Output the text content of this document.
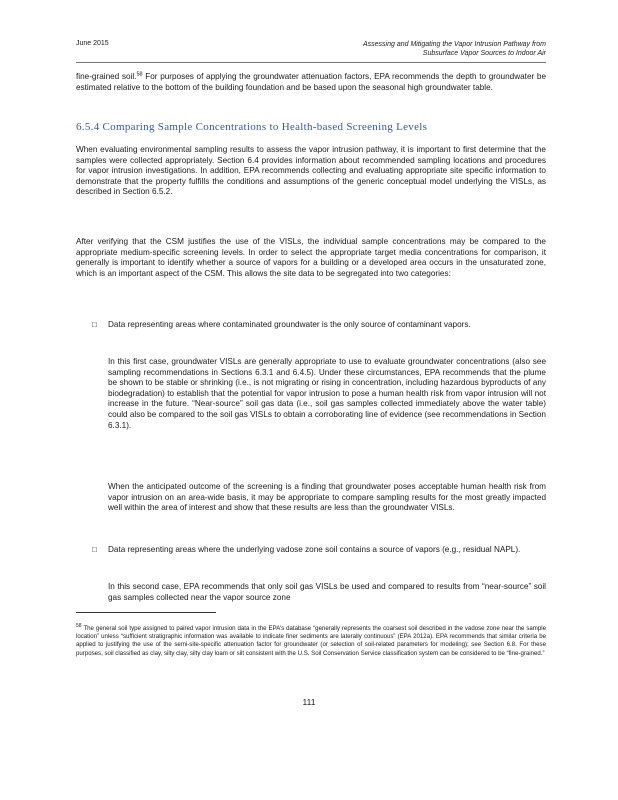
June 2015	Assessing and Mitigating the Vapor Intrusion Pathway from
Subsurface Vapor Sources to Indoor Air
fine-grained soil.$^{58}$ For purposes of applying the groundwater attenuation factors, EPA recommends the depth to groundwater be estimated relative to the bottom of the building foundation and be based upon the seasonal high groundwater table.
6.5.4 Comparing Sample Concentrations to Health-based Screening Levels
When evaluating environmental sampling results to assess the vapor intrusion pathway, it is important to first determine that the samples were collected appropriately. Section 6.4 provides information about recommended sampling locations and procedures for vapor intrusion investigations. In addition, EPA recommends collecting and evaluating appropriate site specific information to demonstrate that the property fulfills the conditions and assumptions of the generic conceptual model underlying the VISLs, as described in Section 6.5.2.
After verifying that the CSM justifies the use of the VISLs, the individual sample concentrations may be compared to the appropriate medium-specific screening levels. In order to select the appropriate target media concentrations for comparison, it generally is important to identify whether a source of vapors for a building or a developed area occurs in the unsaturated zone, which is an important aspect of the CSM. This allows the site data to be segregated into two categories:
□	Data representing areas where contaminated groundwater is the only source of contaminant vapors.
In this first case, groundwater VISLs are generally appropriate to use to evaluate groundwater concentrations (also see sampling recommendations in Sections 6.3.1 and 6.4.5). Under these circumstances, EPA recommends that the plume be shown to be stable or shrinking (i.e., is not migrating or rising in concentration, including hazardous byproducts of any biodegradation) to establish that the potential for vapor intrusion to pose a human health risk from vapor intrusion will not increase in the future. “Near-source” soil gas data (i.e., soil gas samples collected immediately above the water table) could also be compared to the soil gas VISLs to obtain a corroborating line of evidence (see recommendations in Section 6.3.1).
When the anticipated outcome of the screening is a finding that groundwater poses acceptable human health risk from vapor intrusion on an area-wide basis, it may be appropriate to compare sampling results for the most greatly impacted well within the area of interest and show that these results are less than the groundwater VISLs.
□	Data representing areas where the underlying vadose zone soil contains a source of vapors (e.g., residual NAPL).
In this second case, EPA recommends that only soil gas VISLs be used and compared to results from “near-source” soil gas samples collected near the vapor source zone
$^{58}$ The general soil type assigned to paired vapor intrusion data in the EPA’s database “generally represents the coarsest soil described in the vadose zone near the sample location” unless “sufficient stratigraphic information was available to indicate finer sediments are laterally continuous” (EPA 2012a). EPA recommends that similar criteria be applied to justifying the use of the semi-site-specific attenuation factor for groundwater (or selection of soil-related parameters for modeling); see Section 6.8. For these purposes, soil classified as clay, silty clay, silty clay loam or silt consistent with the U.S. Soil Conservation Service classification system can be considered to be “fine-grained.”
111
